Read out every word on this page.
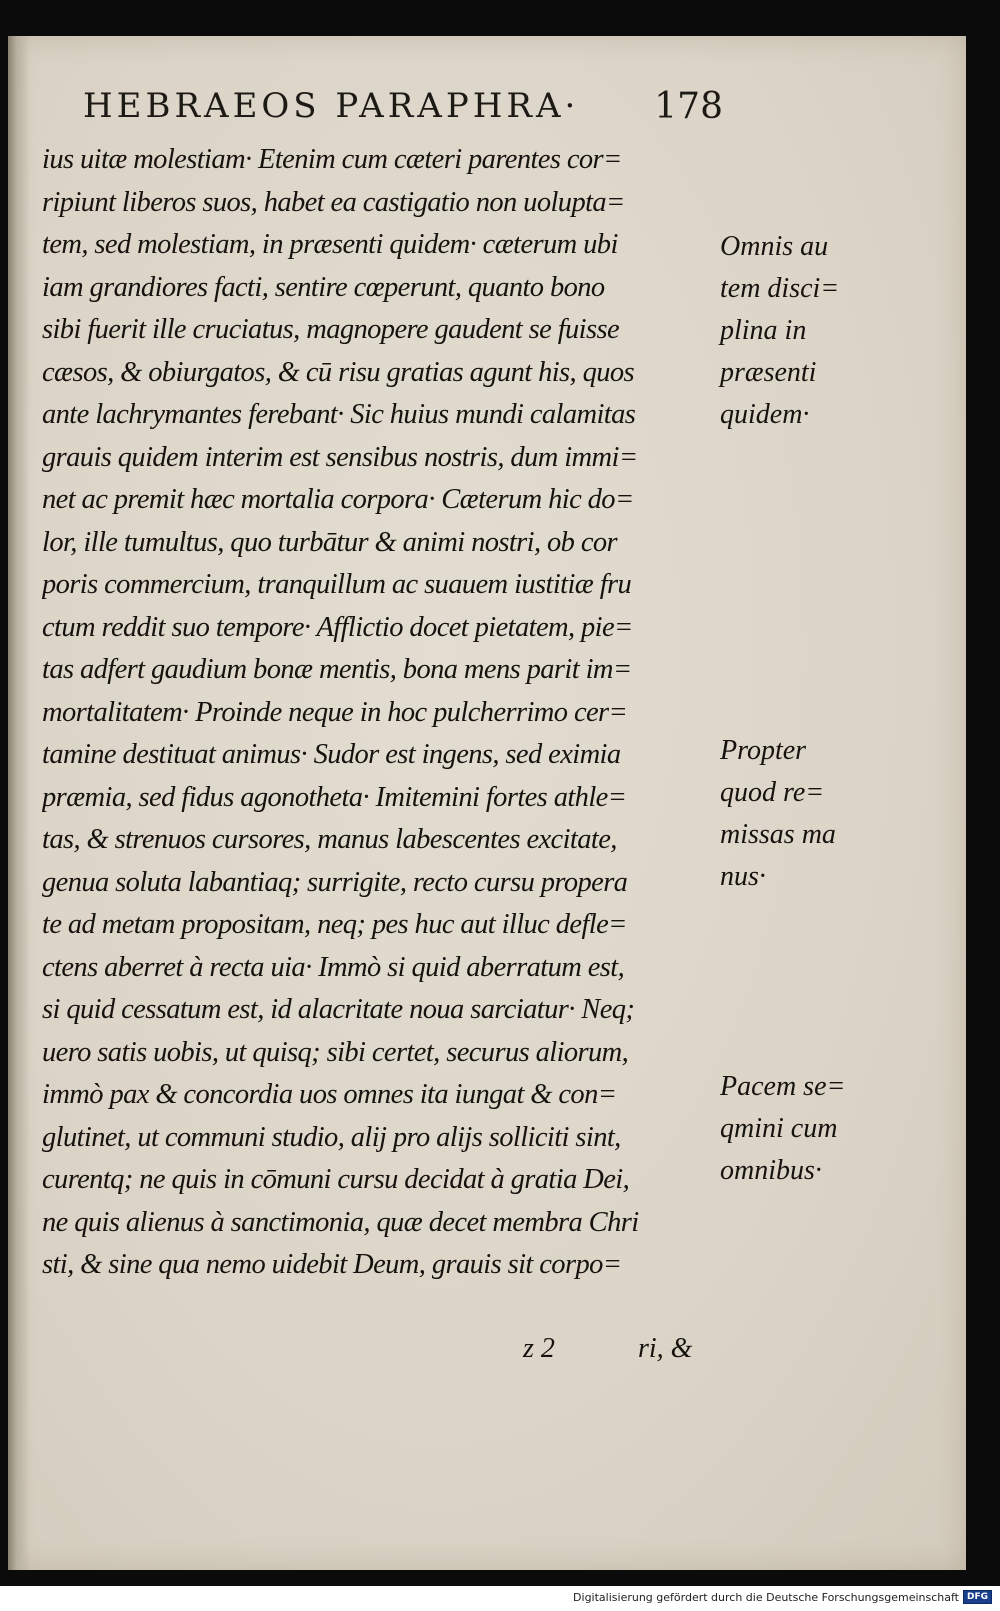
HEBRAEOS PARAPHRA· 178
ius uitæ molestiam· Etenim cum cæteri parentes cor=
ripiunt liberos suos, habet ea castigatio non uolupta=
tem, sed molestiam, in præsenti quidem· cæterum ubi
iam grandiores facti, sentire cœperunt, quanto bono
sibi fuerit ille cruciatus, magnopere gaudent se fuisse
cæsos, & obiurgatos, & cū risu gratias agunt his, quos
ante lachrymantes ferebant· Sic huius mundi calamitas
grauis quidem interim est sensibus nostris, dum immi=
net ac premit hæc mortalia corpora· Cæterum hic do=
lor, ille tumultus, quo turbātur & animi nostri, ob cor
poris commercium, tranquillum ac suauem iustitiæ fru
ctum reddit suo tempore· Afflictio docet pietatem, pie=
tas adfert gaudium bonæ mentis, bona mens parit im=
mortalitatem· Proinde neque in hoc pulcherrimo cer=
tamine destituat animus· Sudor est ingens, sed eximia
præmia, sed fidus agonotheta· Imitemini fortes athle=
tas, & strenuos cursores, manus labescentes excitate,
genua soluta labantiaq; surrigite, recto cursu propera
te ad metam propositam, neq; pes huc aut illuc defle=
ctens aberret à recta uia· Immò si quid aberratum est,
si quid cessatum est, id alacritate noua sarciatur· Neq;
uero satis uobis, ut quisq; sibi certet, securus aliorum,
immò pax & concordia uos omnes ita iungat & con=
glutinet, ut communi studio, alij pro alijs solliciti sint,
curentq; ne quis in cōmuni cursu decidat à gratia Dei,
ne quis alienus à sanctimonia, quæ decet membra Chri
sti, & sine qua nemo uidebit Deum, grauis sit corpo=
Omnis au
tem disci=
plina in
præsenti
quidem·
Propter
quod re=
missas ma
nus·
Pacem se=
qmini cum
omnibus·
z 2	ri, &
Digitalisierung gefördert durch die Deutsche Forschungsgemeinschaft DFG
